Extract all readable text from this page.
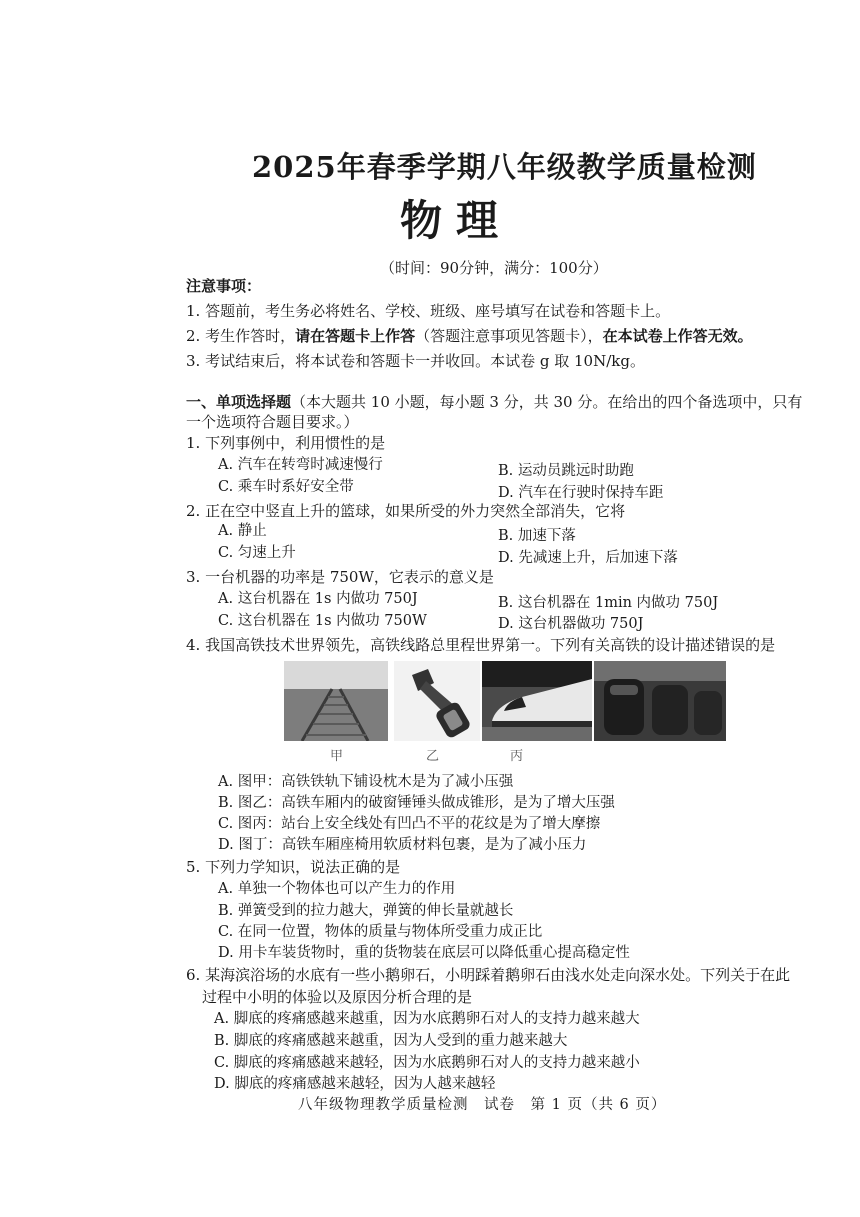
2025年春季学期八年级教学质量检测
物理
（时间：90分钟，满分：100分）
注意事项：
1. 答题前，考生务必将姓名、学校、班级、座号填写在试卷和答题卡上。
2. 考生作答时，请在答题卡上作答（答题注意事项见答题卡），在本试卷上作答无效。
3. 考试结束后，将本试卷和答题卡一并收回。本试卷 g 取 10N/kg。
一、单项选择题（本大题共 10 小题，每小题 3 分，共 30 分。在给出的四个备选项中，只有
一个选项符合题目要求。）
1. 下列事例中，利用惯性的是
A. 汽车在转弯时减速慢行	B. 运动员跳远时助跑
C. 乘车时系好安全带	D. 汽车在行驶时保持车距
2. 正在空中竖直上升的篮球，如果所受的外力突然全部消失，它将
A. 静止	B. 加速下落
C. 匀速上升	D. 先减速上升，后加速下落
3. 一台机器的功率是 750W，它表示的意义是
A. 这台机器在 1s 内做功 750J	B. 这台机器在 1min 内做功 750J
C. 这台机器在 1s 内做功 750W	D. 这台机器做功 750J
4. 我国高铁技术世界领先，高铁线路总里程世界第一。下列有关高铁的设计描述错误的是
甲	乙	丙
A. 图甲：高铁铁轨下铺设枕木是为了减小压强
B. 图乙：高铁车厢内的破窗锤锤头做成锥形，是为了增大压强
C. 图丙：站台上安全线处有凹凸不平的花纹是为了增大摩擦
D. 图丁：高铁车厢座椅用软质材料包裹，是为了减小压力
5. 下列力学知识，说法正确的是
A. 单独一个物体也可以产生力的作用
B. 弹簧受到的拉力越大，弹簧的伸长量就越长
C. 在同一位置，物体的质量与物体所受重力成正比
D. 用卡车装货物时，重的货物装在底层可以降低重心提高稳定性
6. 某海滨浴场的水底有一些小鹅卵石，小明踩着鹅卵石由浅水处走向深水处。下列关于在此
过程中小明的体验以及原因分析合理的是
A. 脚底的疼痛感越来越重，因为水底鹅卵石对人的支持力越来越大
B. 脚底的疼痛感越来越重，因为人受到的重力越来越大
C. 脚底的疼痛感越来越轻，因为水底鹅卵石对人的支持力越来越小
D. 脚底的疼痛感越来越轻，因为人越来越轻
八年级物理教学质量检测　试卷　第 1 页（共 6 页）
